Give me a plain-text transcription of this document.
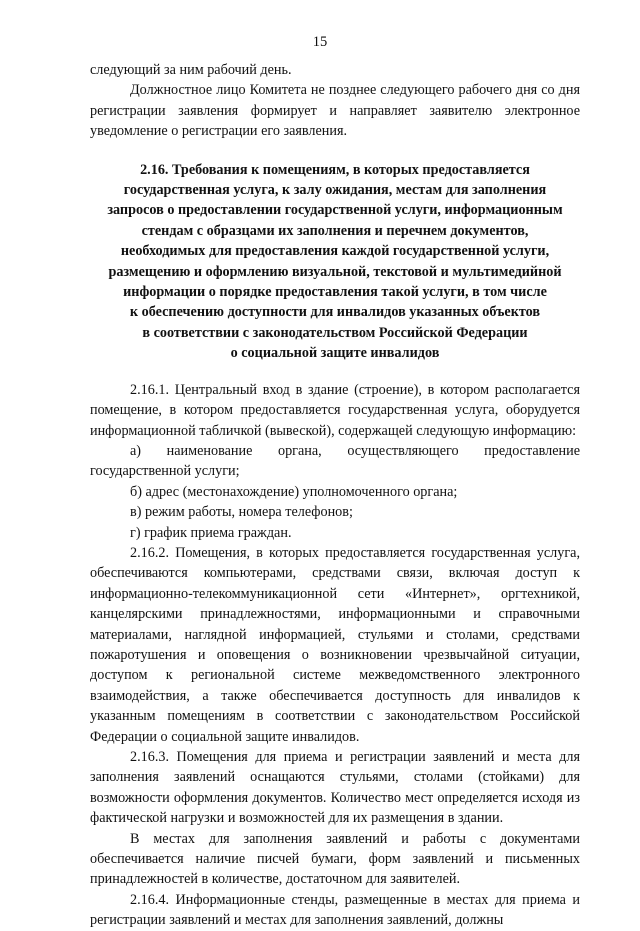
15

следующий за ним рабочий день.

Должностное лицо Комитета не позднее следующего рабочего дня со дня регистрации заявления формирует и направляет заявителю электронное уведомление о регистрации его заявления.

2.16. Требования к помещениям, в которых предоставляется
государственная услуга, к залу ожидания, местам для заполнения
запросов о предоставлении государственной услуги, информационным
стендам с образцами их заполнения и перечнем документов,
необходимых для предоставления каждой государственной услуги,
размещению и оформлению визуальной, текстовой и мультимедийной
информации о порядке предоставления такой услуги, в том числе
к обеспечению доступности для инвалидов указанных объектов
в соответствии с законодательством Российской Федерации
о социальной защите инвалидов

2.16.1. Центральный вход в здание (строение), в котором располагается помещение, в котором предоставляется государственная услуга, оборудуется информационной табличкой (вывеской), содержащей следующую информацию:

а) наименование органа, осуществляющего предоставление государственной услуги;

б) адрес (местонахождение) уполномоченного органа;

в) режим работы, номера телефонов;

г) график приема граждан.

2.16.2. Помещения, в которых предоставляется государственная услуга, обеспечиваются компьютерами, средствами связи, включая доступ к информационно-телекоммуникационной сети «Интернет», оргтехникой, канцелярскими принадлежностями, информационными и справочными материалами, наглядной информацией, стульями и столами, средствами пожаротушения и оповещения о возникновении чрезвычайной ситуации, доступом к региональной системе межведомственного электронного взаимодействия, а также обеспечивается доступность для инвалидов к указанным помещениям в соответствии с законодательством Российской Федерации о социальной защите инвалидов.

2.16.3. Помещения для приема и регистрации заявлений и места для заполнения заявлений оснащаются стульями, столами (стойками) для возможности оформления документов. Количество мест определяется исходя из фактической нагрузки и возможностей для их размещения в здании.

В местах для заполнения заявлений и работы с документами обеспечивается наличие писчей бумаги, форм заявлений и письменных принадлежностей в количестве, достаточном для заявителей.

2.16.4. Информационные стенды, размещенные в местах для приема и регистрации заявлений и местах для заполнения заявлений, должны
